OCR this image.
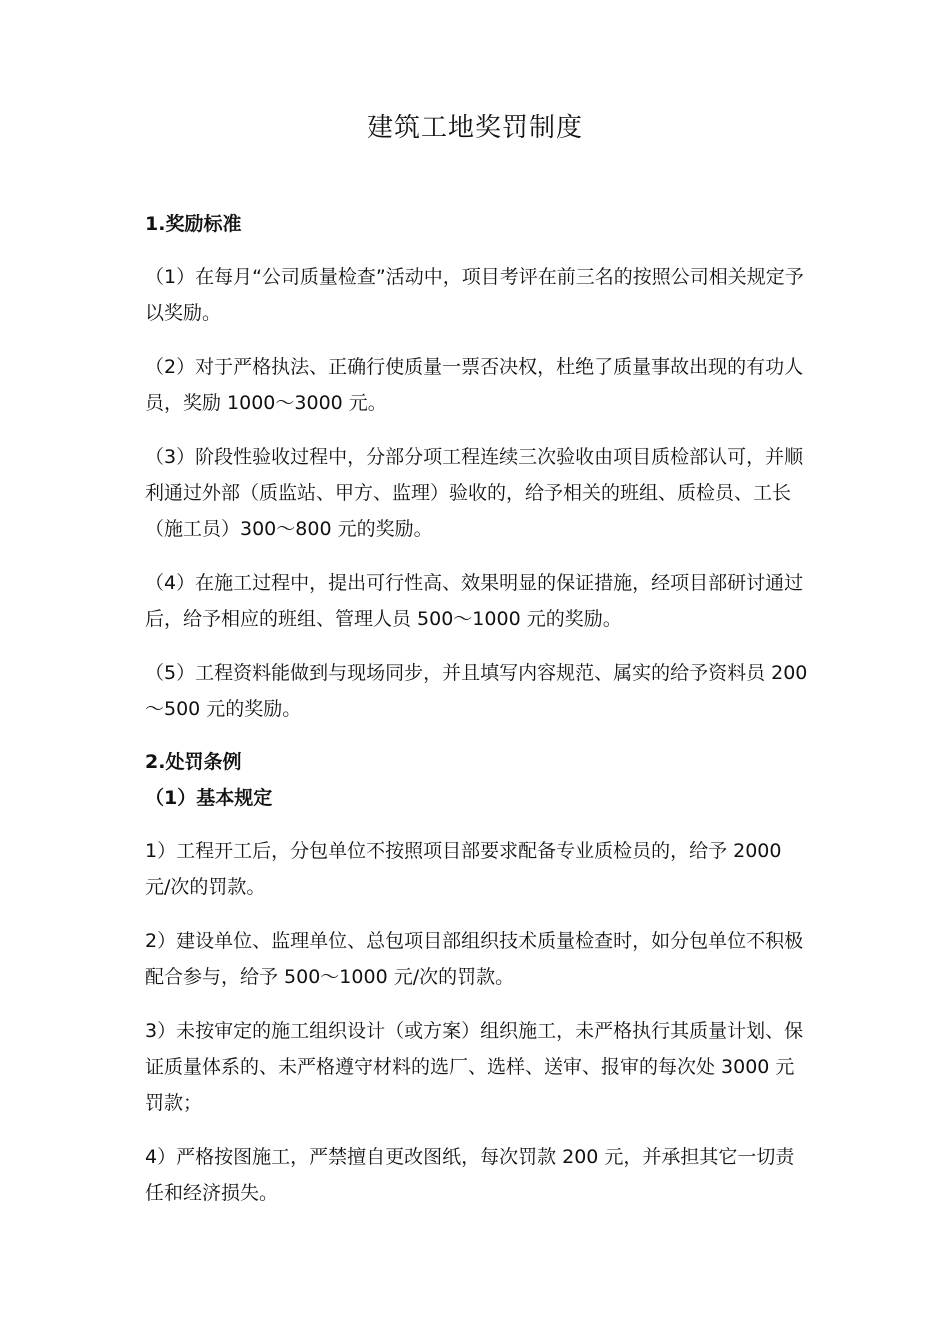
建筑工地奖罚制度

1.奖励标准

（1）在每月“公司质量检查”活动中，项目考评在前三名的按照公司相关规定予以奖励。

（2）对于严格执法、正确行使质量一票否决权，杜绝了质量事故出现的有功人员，奖励 1000～3000 元。

（3）阶段性验收过程中，分部分项工程连续三次验收由项目质检部认可，并顺利通过外部（质监站、甲方、监理）验收的，给予相关的班组、质检员、工长（施工员）300～800 元的奖励。

（4）在施工过程中，提出可行性高、效果明显的保证措施，经项目部研讨通过后，给予相应的班组、管理人员 500～1000 元的奖励。

（5）工程资料能做到与现场同步，并且填写内容规范、属实的给予资料员 200～500 元的奖励。

2.处罚条例

（1）基本规定

1）工程开工后，分包单位不按照项目部要求配备专业质检员的，给予 2000 元/次的罚款。

2）建设单位、监理单位、总包项目部组织技术质量检查时，如分包单位不积极配合参与，给予 500～1000 元/次的罚款。

3）未按审定的施工组织设计（或方案）组织施工，未严格执行其质量计划、保证质量体系的、未严格遵守材料的选厂、选样、送审、报审的每次处 3000 元罚款；

4）严格按图施工，严禁擅自更改图纸，每次罚款 200 元，并承担其它一切责任和经济损失。
